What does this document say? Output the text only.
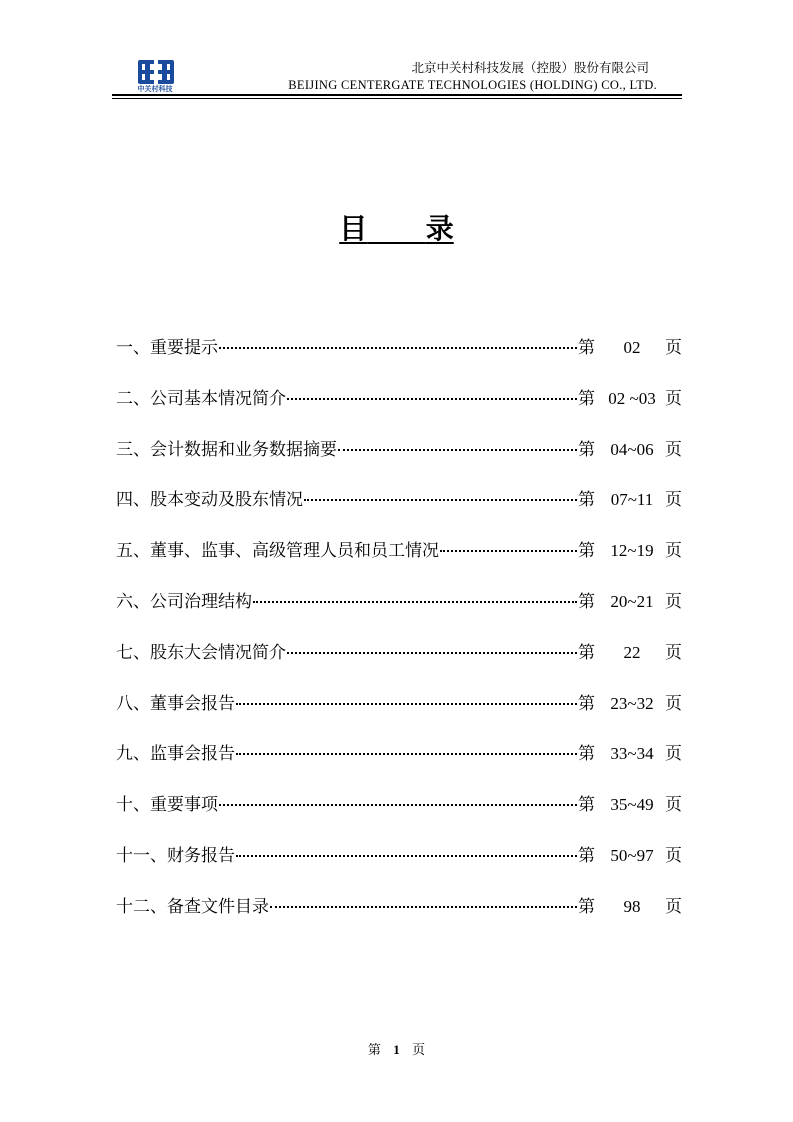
中关村科技
北京中关村科技发展（控股）股份有限公司
BEIJING CENTERGATE TECHNOLOGIES (HOLDING) CO., LTD.
目 录
一、重要提示	第	02	页
二、公司基本情况简介	第 02 ~03 页
三、会计数据和业务数据摘要	第 04~06 页
四、股本变动及股东情况	第 07~11 页
五、董事、监事、高级管理人员和员工情况	第 12~19 页
六、公司治理结构	第 20~21 页
七、股东大会情况简介	第	22	页
八、董事会报告	第 23~32 页
九、监事会报告	第 33~34 页
十、重要事项	第 35~49 页
十一、财务报告	第 50~97 页
十二、备查文件目录	第	98	页
第 1 页
